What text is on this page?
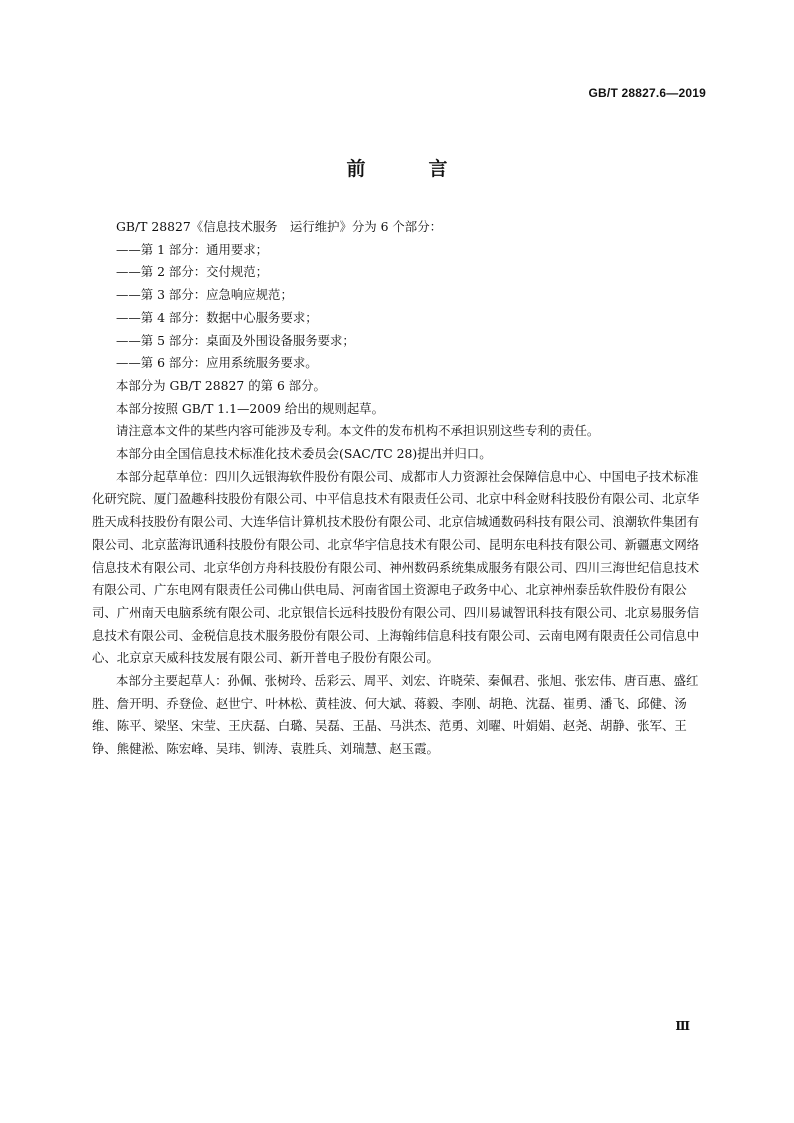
GB/T 28827.6—2019
前　言

GB/T 28827《信息技术服务　运行维护》分为 6 个部分：

——第 1 部分：通用要求；

——第 2 部分：交付规范；

——第 3 部分：应急响应规范；

——第 4 部分：数据中心服务要求；

——第 5 部分：桌面及外围设备服务要求；

——第 6 部分：应用系统服务要求。

本部分为 GB/T 28827 的第 6 部分。

本部分按照 GB/T 1.1—2009 给出的规则起草。

请注意本文件的某些内容可能涉及专利。本文件的发布机构不承担识别这些专利的责任。

本部分由全国信息技术标准化技术委员会(SAC/TC 28)提出并归口。

本部分起草单位：四川久远银海软件股份有限公司、成都市人力资源社会保障信息中心、中国电子技术标准化研究院、厦门盈趣科技股份有限公司、中平信息技术有限责任公司、北京中科金财科技股份有限公司、北京华胜天成科技股份有限公司、大连华信计算机技术股份有限公司、北京信城通数码科技有限公司、浪潮软件集团有限公司、北京蓝海讯通科技股份有限公司、北京华宇信息技术有限公司、昆明东电科技有限公司、新疆惠文网络信息技术有限公司、北京华创方舟科技股份有限公司、神州数码系统集成服务有限公司、四川三海世纪信息技术有限公司、广东电网有限责任公司佛山供电局、河南省国土资源电子政务中心、北京神州泰岳软件股份有限公司、广州南天电脑系统有限公司、北京银信长远科技股份有限公司、四川易诚智讯科技有限公司、北京易服务信息技术有限公司、金税信息技术服务股份有限公司、上海翰纬信息科技有限公司、云南电网有限责任公司信息中心、北京京天威科技发展有限公司、新开普电子股份有限公司。

本部分主要起草人：孙佩、张树玲、岳彩云、周平、刘宏、许晓荣、秦佩君、张旭、张宏伟、唐百惠、盛红胜、詹开明、乔登俭、赵世宁、叶林松、黄桂波、何大斌、蒋毅、李刚、胡艳、沈磊、崔勇、潘飞、邱健、汤维、陈平、梁坚、宋莹、王庆磊、白璐、吴磊、王晶、马洪杰、范勇、刘曜、叶娟娟、赵尧、胡静、张军、王铮、熊健淞、陈宏峰、吴玮、钏涛、袁胜兵、刘瑞慧、赵玉霞。

Ⅲ
